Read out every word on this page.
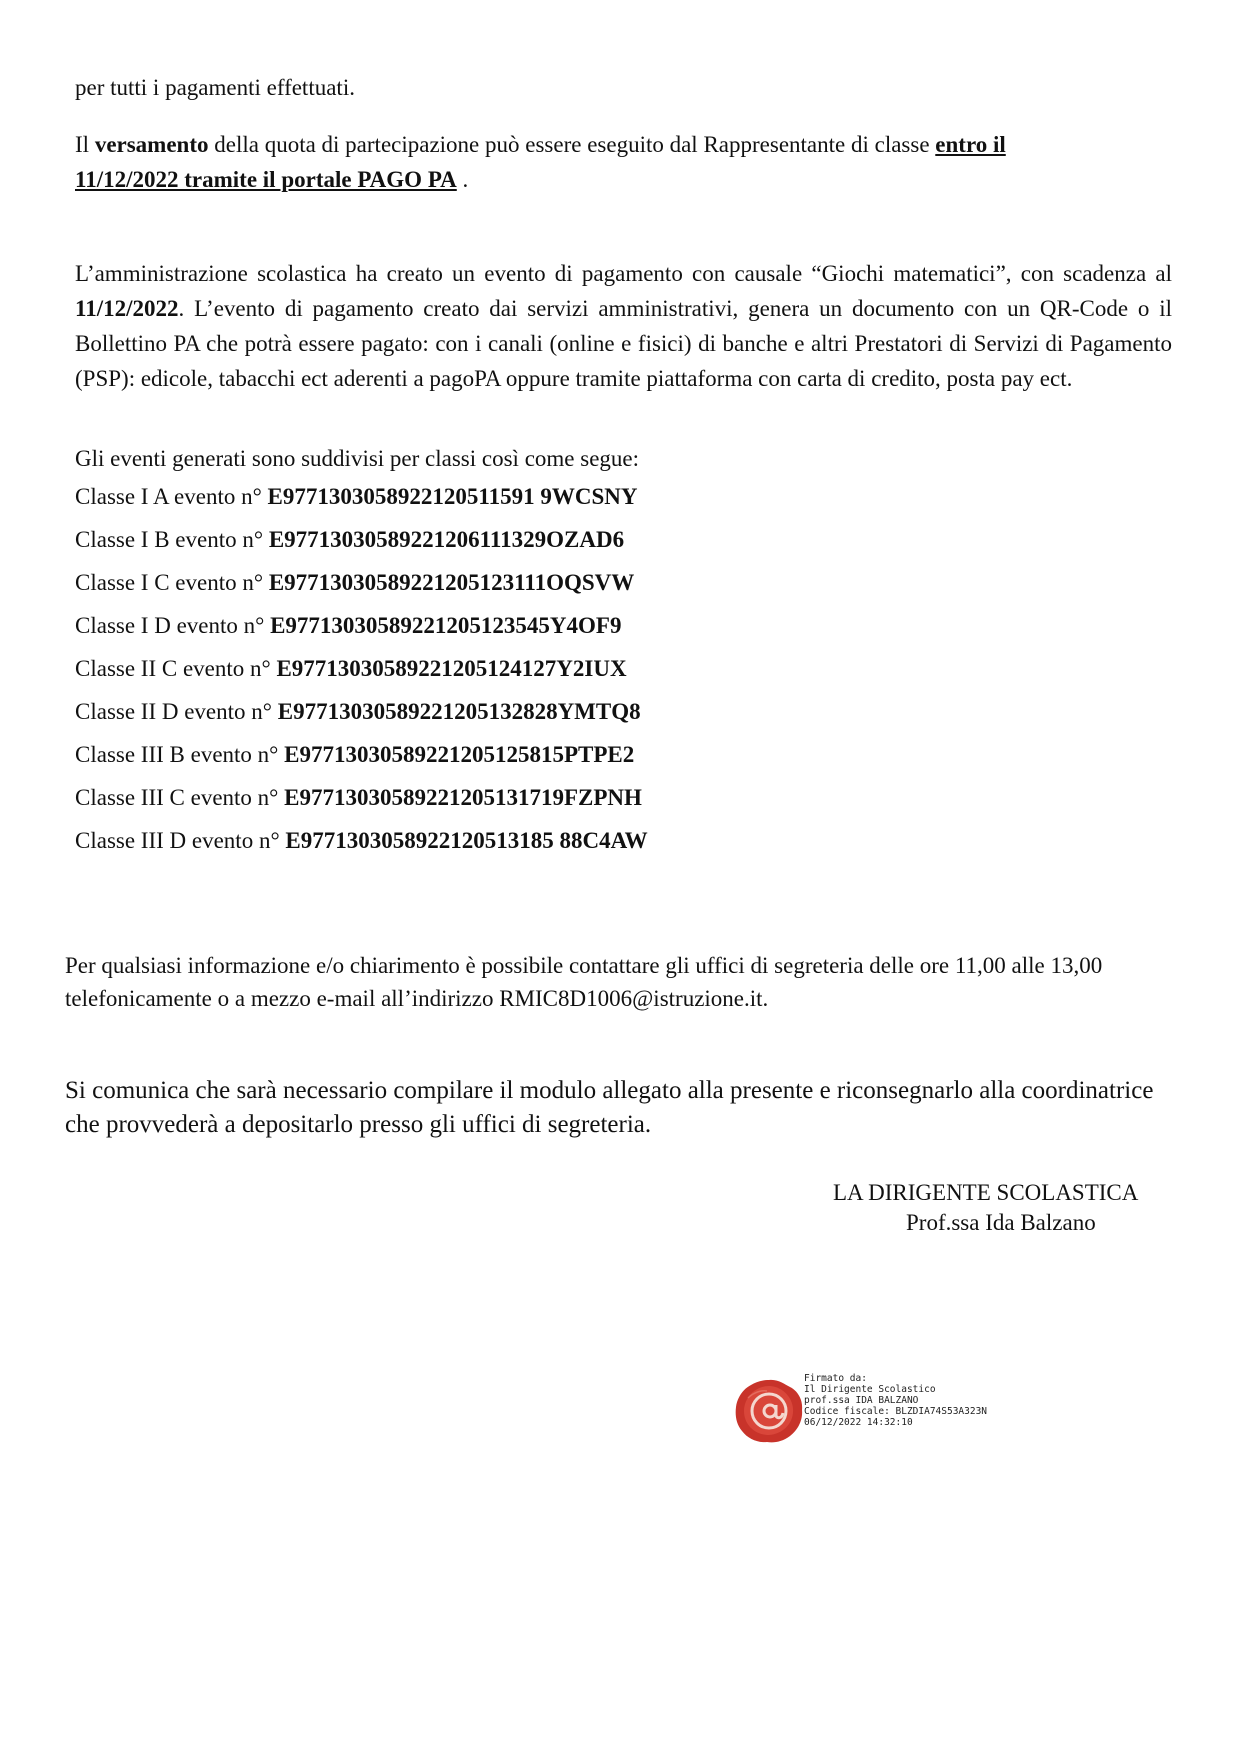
per tutti i pagamenti effettuati.
Il versamento della quota di partecipazione può essere eseguito dal Rappresentante di classe entro il
11/12/2022 tramite il portale PAGO PA .
L’amministrazione scolastica ha creato un evento di pagamento con causale “Giochi matematici”, con scadenza al 11/12/2022. L’evento di pagamento creato dai servizi amministrativi, genera un documento con un QR-Code o il Bollettino PA che potrà essere pagato: con i canali (online e fisici) di banche e altri Prestatori di Servizi di Pagamento (PSP): edicole, tabacchi ect aderenti a pagoPA oppure tramite piattaforma con carta di credito, posta pay ect.
Gli eventi generati sono suddivisi per classi così come segue:
Classe I A evento n° E9771303058922120511591 9WCSNY
Classe I B evento n° E97713030589221206111329OZAD6
Classe I C evento n° E97713030589221205123111OQSVW
Classe I D evento n° E97713030589221205123545Y4OF9
Classe II C evento n° E97713030589221205124127Y2IUX
Classe II D evento n° E97713030589221205132828YMTQ8
Classe III B evento n° E97713030589221205125815PTPE2
Classe III C evento n° E97713030589221205131719FZPNH
Classe III D evento n° E9771303058922120513185 88C4AW
Per qualsiasi informazione e/o chiarimento è possibile contattare gli uffici di segreteria delle ore 11,00 alle 13,00 telefonicamente o a mezzo e-mail all’indirizzo RMIC8D1006@istruzione.it.
Si comunica che sarà necessario compilare il modulo allegato alla presente e riconsegnarlo alla coordinatrice che provvederà a depositarlo presso gli uffici di segreteria.
LA DIRIGENTE SCOLASTICA
Prof.ssa Ida Balzano
Firmato da:
Il Dirigente Scolastico
prof.ssa IDA BALZANO
Codice fiscale: BLZDIA74S53A323N
06/12/2022 14:32:10
